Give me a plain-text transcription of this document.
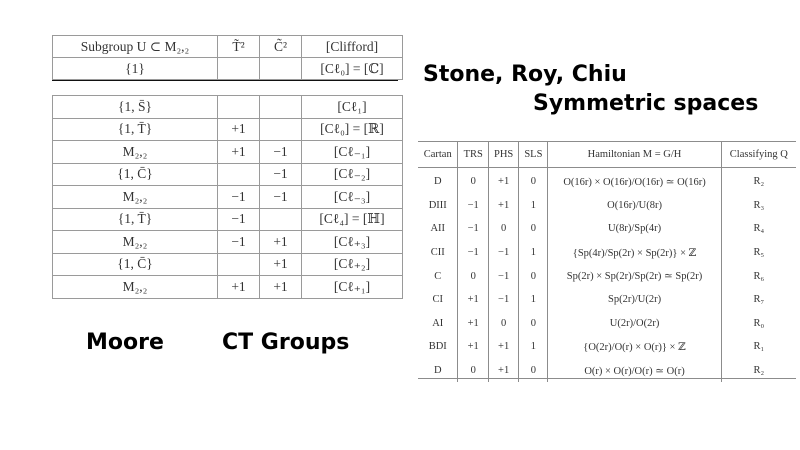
Subgroup U ⊂ M₂,₂	T̃²	C̃²	[Clifford]
{1}			[Cℓ₀] = [ℂ]
{1, S̄}			[Cℓ₁]
{1, T̄}	+1		[Cℓ₀] = [ℝ]
M₂,₂	+1	−1	[Cℓ₋₁]
{1, C̄}		−1	[Cℓ₋₂]
M₂,₂	−1	−1	[Cℓ₋₃]
{1, T̄}	−1		[Cℓ₄] = [ℍ]
M₂,₂	−1	+1	[Cℓ₊₃]
{1, C̄}		+1	[Cℓ₊₂]
M₂,₂	+1	+1	[Cℓ₊₁]
Stone, Roy, Chiu
Symmetric spaces
Moore	CT Groups
Cartan	TRS	PHS	SLS	Hamiltonian M = G/H	Classifying Q
D	0	+1	0	O(16r) × O(16r)/O(16r) ≃ O(16r)	R₂
DIII	−1	+1	1	O(16r)/U(8r)	R₃
AII	−1	0	0	U(8r)/Sp(4r)	R₄
CII	−1	−1	1	{Sp(4r)/Sp(2r) × Sp(2r)} × ℤ	R₅
C	0	−1	0	Sp(2r) × Sp(2r)/Sp(2r) ≃ Sp(2r)	R₆
CI	+1	−1	1	Sp(2r)/U(2r)	R₇
AI	+1	0	0	U(2r)/O(2r)	R₀
BDI	+1	+1	1	{O(2r)/O(r) × O(r)} × ℤ	R₁
D	0	+1	0	O(r) × O(r)/O(r) ≃ O(r)	R₂
